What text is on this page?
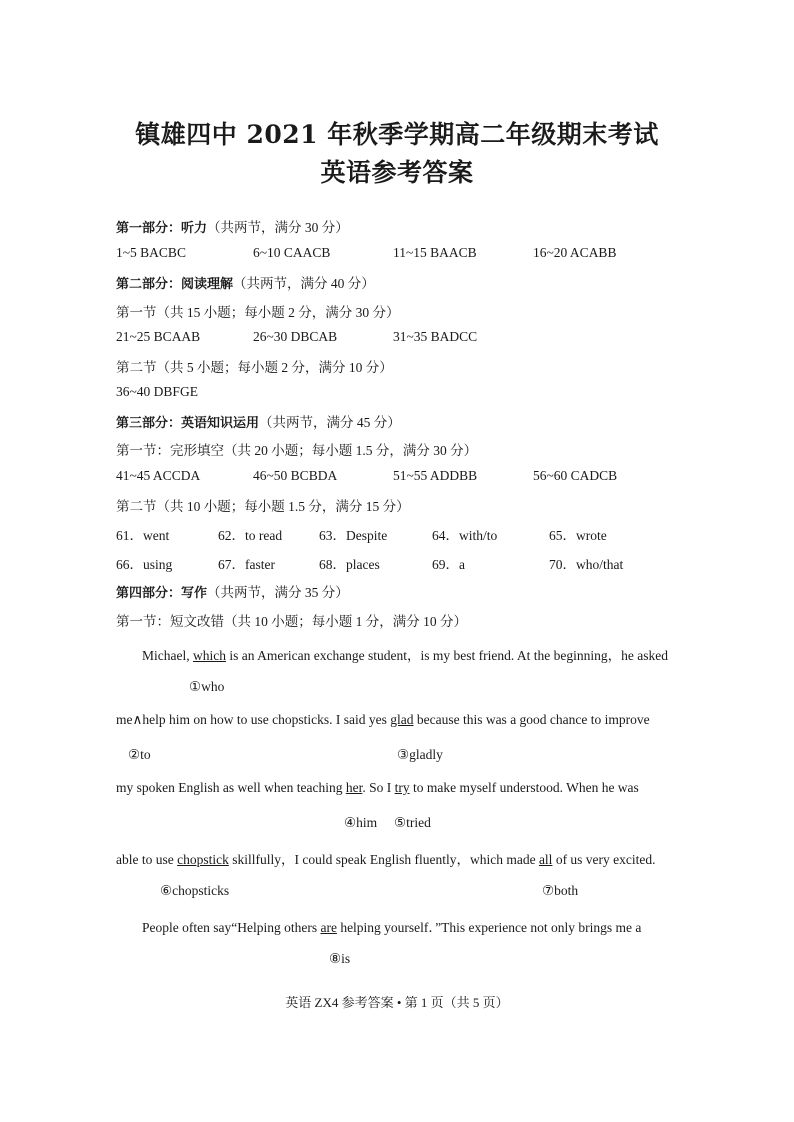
镇雄四中 2021 年秋季学期高二年级期末考试
英语参考答案
第一部分：听力（共两节，满分 30 分）
1~5 BACBC	6~10 CAACB	11~15 BAACB	16~20 ACABB
第二部分：阅读理解（共两节，满分 40 分）
第一节（共 15 小题；每小题 2 分，满分 30 分）
21~25 BCAAB	26~30 DBCAB	31~35 BADCC
第二节（共 5 小题；每小题 2 分，满分 10 分）
36~40 DBFGE
第三部分：英语知识运用（共两节，满分 45 分）
第一节：完形填空（共 20 小题；每小题 1.5 分，满分 30 分）
41~45 ACCDA	46~50 BCBDA	51~55 ADDBB	56~60 CADCB
第二节（共 10 小题；每小题 1.5 分，满分 15 分）
61．went	62．to read	63．Despite	64．with/to	65．wrote
66．using	67．faster	68．places	69．a	70．who/that
第四部分：写作（共两节，满分 35 分）
第一节：短文改错（共 10 小题；每小题 1 分，满分 10 分）
Michael, which is an American exchange student，is my best friend. At the beginning，he asked
①who
me∧help him on how to use chopsticks. I said yes glad because this was a good chance to improve
②to	③gladly
my spoken English as well when teaching her. So I try to make myself understood. When he was
④him ⑤tried
able to use chopstick skillfully，I could speak English fluently，which made all of us very excited.
⑥chopsticks	⑦both
People often say“Helping others are helping yourself．”This experience not only brings me a
⑧is
英语 ZX4 参考答案 • 第 1 页（共 5 页）
